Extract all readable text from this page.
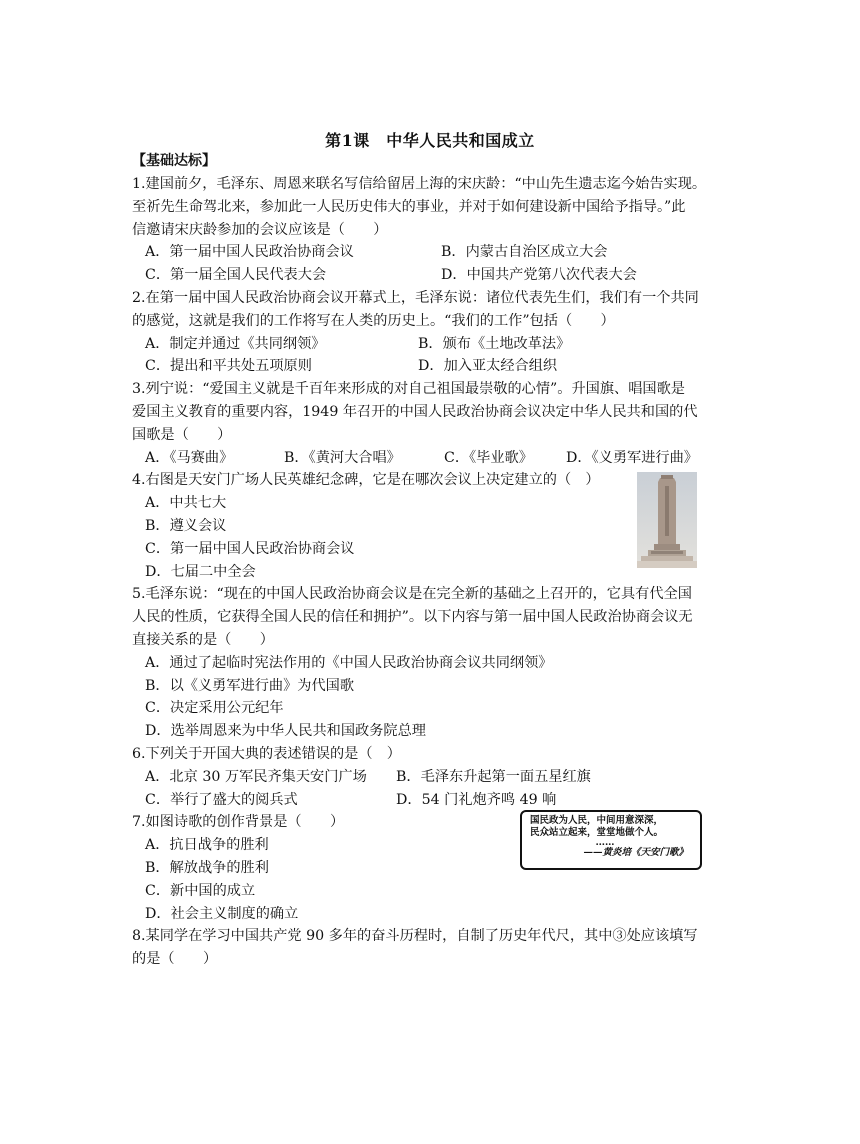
第1课　中华人民共和国成立
【基础达标】

1.建国前夕，毛泽东、周恩来联名写信给留居上海的宋庆龄：“中山先生遗志迄今始告实现。

至祈先生命驾北来，参加此一人民历史伟大的事业，并对于如何建设新中国给予指导。”此

信邀请宋庆龄参加的会议应该是（　　）

A．第一届中国人民政治协商会议	B．内蒙古自治区成立大会
C．第一届全国人民代表大会	D．中国共产党第八次代表大会

2.在第一届中国人民政治协商会议开幕式上，毛泽东说：诸位代表先生们，我们有一个共同

的感觉，这就是我们的工作将写在人类的历史上。“我们的工作”包括（　　）

A．制定并通过《共同纲领》	B．颁布《土地改革法》
C．提出和平共处五项原则	D．加入亚太经合组织

3.列宁说：“爱国主义就是千百年来形成的对自己祖国最崇敬的心情”。升国旗、唱国歌是

爱国主义教育的重要内容，1949 年召开的中国人民政治协商会议决定中华人民共和国的代

国歌是（　　）

A．《马赛曲》	B．《黄河大合唱》	C．《毕业歌》	D．《义勇军进行曲》

4.右图是天安门广场人民英雄纪念碑，它是在哪次会议上决定建立的（　）

A．中共七大
B．遵义会议
C．第一届中国人民政治协商会议
D．七届二中全会

5.毛泽东说：“现在的中国人民政治协商会议是在完全新的基础之上召开的，它具有代全国

人民的性质，它获得全国人民的信任和拥护”。以下内容与第一届中国人民政治协商会议无

直接关系的是（　　）

A．通过了起临时宪法作用的《中国人民政治协商会议共同纲领》
B．以《义勇军进行曲》为代国歌
C．决定采用公元纪年
D．选举周恩来为中华人民共和国政务院总理

6.下列关于开国大典的表述错误的是（　）

A．北京 30 万军民齐集天安门广场	B．毛泽东升起第一面五星红旗
C．举行了盛大的阅兵式	D．54 门礼炮齐鸣 49 响

7.如图诗歌的创作背景是（　　）

A．抗日战争的胜利
B．解放战争的胜利
C．新中国的成立
D．社会主义制度的确立

8.某同学在学习中国共产党 90 多年的奋斗历程时，自制了历史年代尺，其中③处应该填写

的是（　　）

国民政为人民，中间用意深深，
民众站立起来，堂堂地做个人。
……
——黄炎培《天安门歌》
